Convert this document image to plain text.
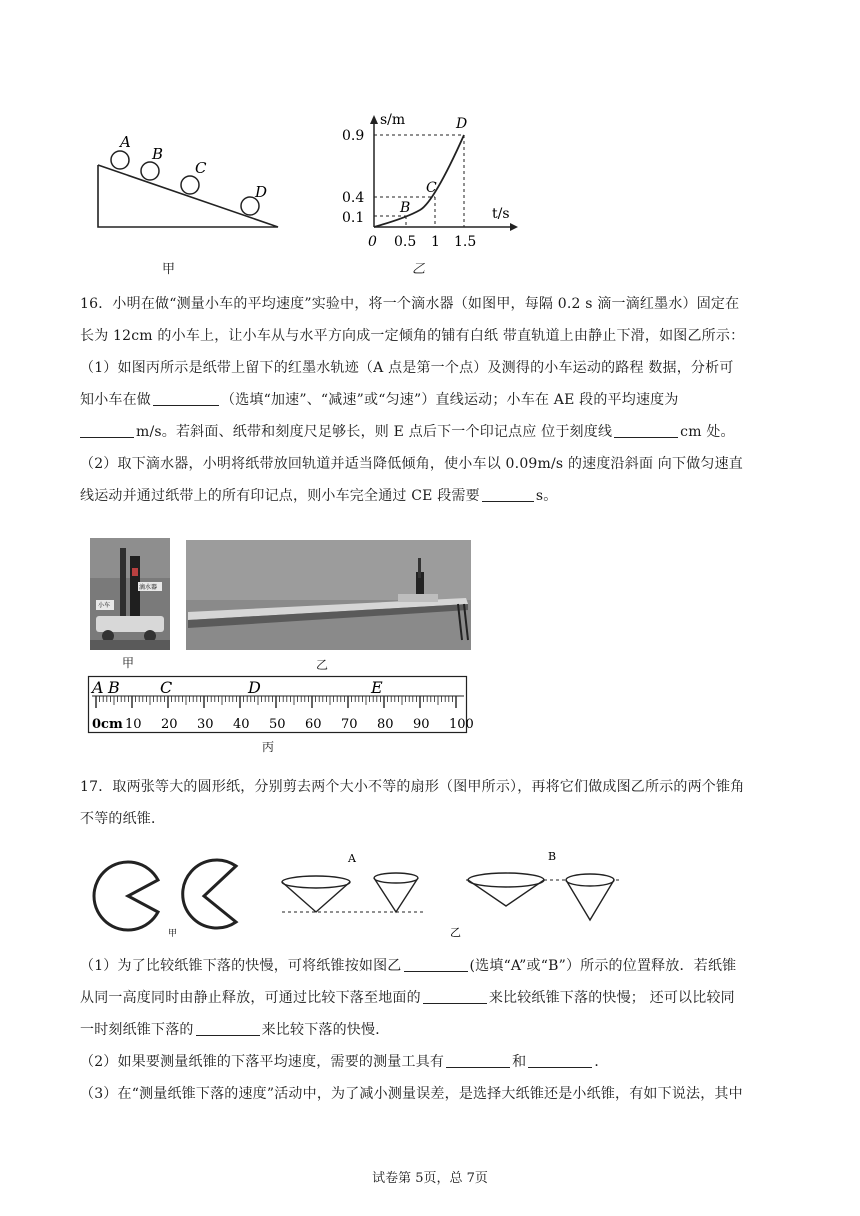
A
B
C
D
甲
s/m
t/s
0.9
0.4
0.1
0 0.5 1 1.5
B
C
D
乙

16．小明在做“测量小车的平均速度”实验中，将一个滴水器（如图甲，每隔 0.2 s 滴一滴红墨水）固定在

长为 12cm 的小车上，让小车从与水平方向成一定倾角的铺有白纸 带直轨道上由静止下滑，如图乙所示：

（1）如图丙所示是纸带上留下的红墨水轨迹（A 点是第一个点）及测得的小车运动的路程 数据，分析可

知小车在做	（选填“加速”、“减速”或“匀速”）直线运动；小车在 AE 段的平均速度为

m/s。若斜面、纸带和刻度尺足够长，则 E 点后下一个印记点应 位于刻度线	cm 处。

（2）取下滴水器，小明将纸带放回轨道并适当降低倾角，使小车以 0.09m/s 的速度沿斜面 向下做匀速直

线运动并通过纸带上的所有印记点，则小车完全通过 CE 段需要	s。

滴水器
小车
甲	乙
A B	C	D	E
0cm 10 20 30 40 50 60 70 80 90 100
丙

17．取两张等大的圆形纸，分别剪去两个大小不等的扇形（图甲所示），再将它们做成图乙所示的两个锥角

不等的纸锥．

A	B
甲	乙

（1）为了比较纸锥下落的快慢，可将纸锥按如图乙	(选填“A”或“B”）所示的位置释放．若纸锥

从同一高度同时由静止释放，可通过比较下落至地面的	来比较纸锥下落的快慢； 还可以比较同

一时刻纸锥下落的	来比较下落的快慢．

（2）如果要测量纸锥的下落平均速度，需要的测量工具有	和	．

（3）在“测量纸锥下落的速度”活动中，为了减小测量误差，是选择大纸锥还是小纸锥，有如下说法，其中

试卷第 5页，总 7页
